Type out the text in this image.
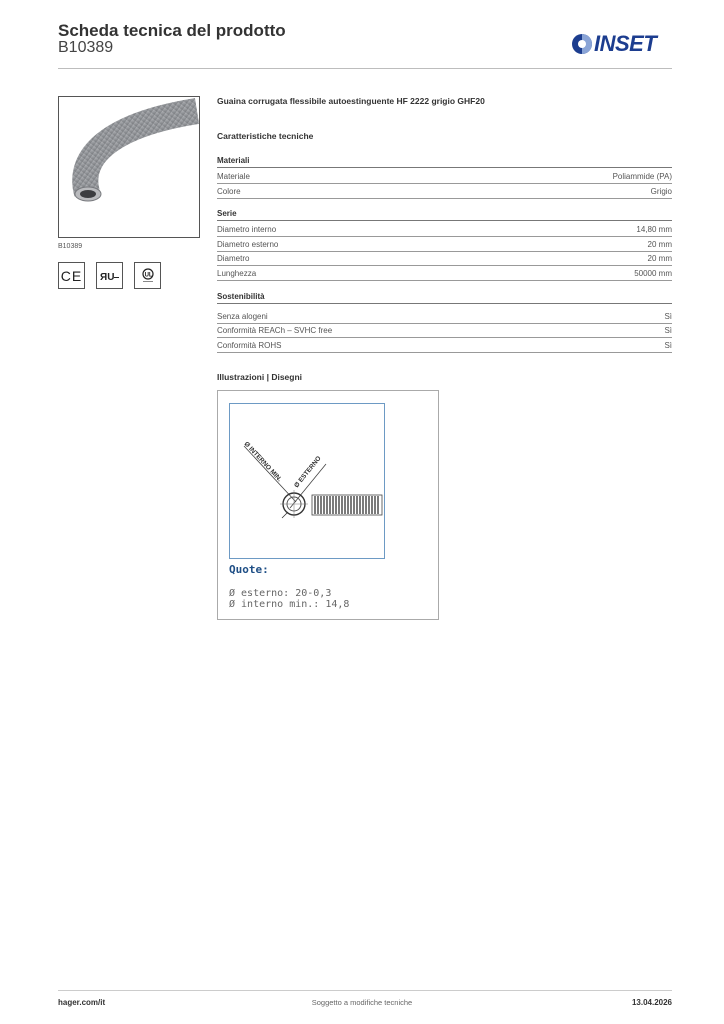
Scheda tecnica del prodotto
B10389	INSET
B10389
CE ЯU	UL
Guaina corrugata flessibile autoestinguente HF 2222 grigio GHF20
Caratteristiche tecniche
Materiali
Materiale	Poliammide (PA)
Colore	Grigio
Serie
Diametro interno	14,80 mm
Diametro esterno	20 mm
Diametro	20 mm
Lunghezza	50000 mm
Sostenibilità
Senza alogeni	Sì
Conformità REACh – SVHC free	Sì
Conformità ROHS	Sì
Illustrazioni | Disegni
Ø INTERNO MIN. Ø ESTERNO
Quote:
Ø esterno: 20-0,3
Ø interno min.: 14,8
hager.com/it	Soggetto a modifiche tecniche	13.04.2026
